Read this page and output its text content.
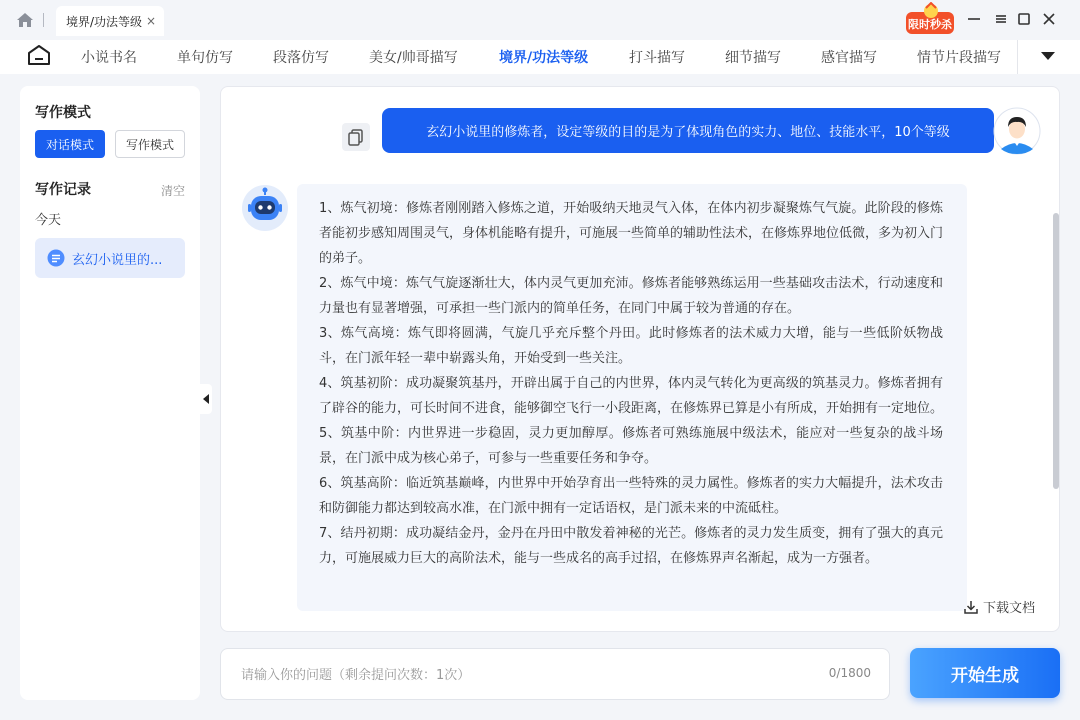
境界/功法等级 ×	限时秒杀
小说书名	单句仿写	段落仿写	美女/帅哥描写	境界/功法等级	打斗描写	细节描写	感官描写	情节片段描写
写作模式
对话模式	写作模式
写作记录	清空
今天
玄幻小说里的...
玄幻小说里的修炼者，设定等级的目的是为了体现角色的实力、地位、技能水平，10个等级

1、炼气初境：修炼者刚刚踏入修炼之道，开始吸纳天地灵气入体，在体内初步凝聚炼气气旋。此阶段的修炼者能初步感知周围灵气，身体机能略有提升，可施展一些简单的辅助性法术，在修炼界地位低微，多为初入门的弟子。

2、炼气中境：炼气气旋逐渐壮大，体内灵气更加充沛。修炼者能够熟练运用一些基础攻击法术，行动速度和力量也有显著增强，可承担一些门派内的简单任务，在同门中属于较为普通的存在。

3、炼气高境：炼气即将圆满，气旋几乎充斥整个丹田。此时修炼者的法术威力大增，能与一些低阶妖物战斗，在门派年轻一辈中崭露头角，开始受到一些关注。

4、筑基初阶：成功凝聚筑基丹，开辟出属于自己的内世界，体内灵气转化为更高级的筑基灵力。修炼者拥有了辟谷的能力，可长时间不进食，能够御空飞行一小段距离，在修炼界已算是小有所成，开始拥有一定地位。

5、筑基中阶：内世界进一步稳固，灵力更加醇厚。修炼者可熟练施展中级法术，能应对一些复杂的战斗场景，在门派中成为核心弟子，可参与一些重要任务和争夺。

6、筑基高阶：临近筑基巅峰，内世界中开始孕育出一些特殊的灵力属性。修炼者的实力大幅提升，法术攻击和防御能力都达到较高水准，在门派中拥有一定话语权，是门派未来的中流砥柱。

7、结丹初期：成功凝结金丹，金丹在丹田中散发着神秘的光芒。修炼者的灵力发生质变，拥有了强大的真元力，可施展威力巨大的高阶法术，能与一些成名的高手过招，在修炼界声名渐起，成为一方强者。

下载文档
请输入你的问题（剩余提问次数：1次）
0/1800	开始生成
